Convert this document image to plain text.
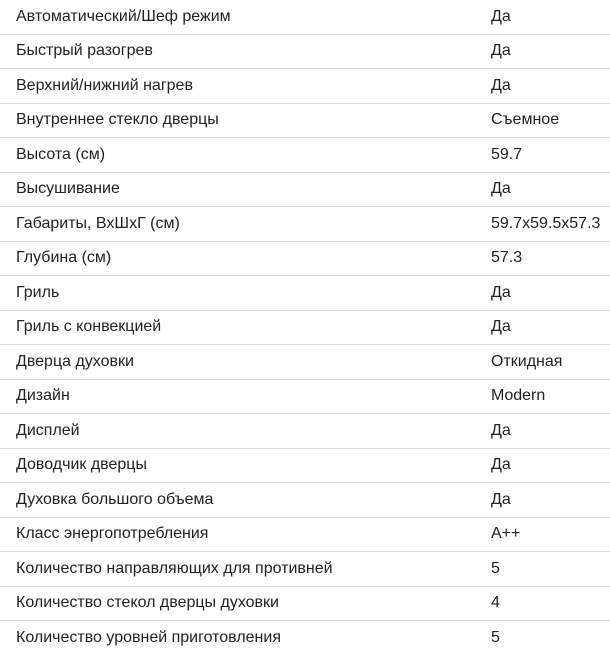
Автоматический/Шеф режим	Да
Быстрый разогрев	Да
Верхний/нижний нагрев	Да
Внутреннее стекло дверцы	Съемное
Высота (см)	59.7
Высушивание	Да
Габариты, ВхШхГ (см)	59.7x59.5x57.3
Глубина (см)	57.3
Гриль	Да
Гриль с конвекцией	Да
Дверца духовки	Откидная
Дизайн	Modern
Дисплей	Да
Доводчик дверцы	Да
Духовка большого объема	Да
Класс энергопотребления	A++
Количество направляющих для противней	5
Количество стекол дверцы духовки	4
Количество уровней приготовления	5
